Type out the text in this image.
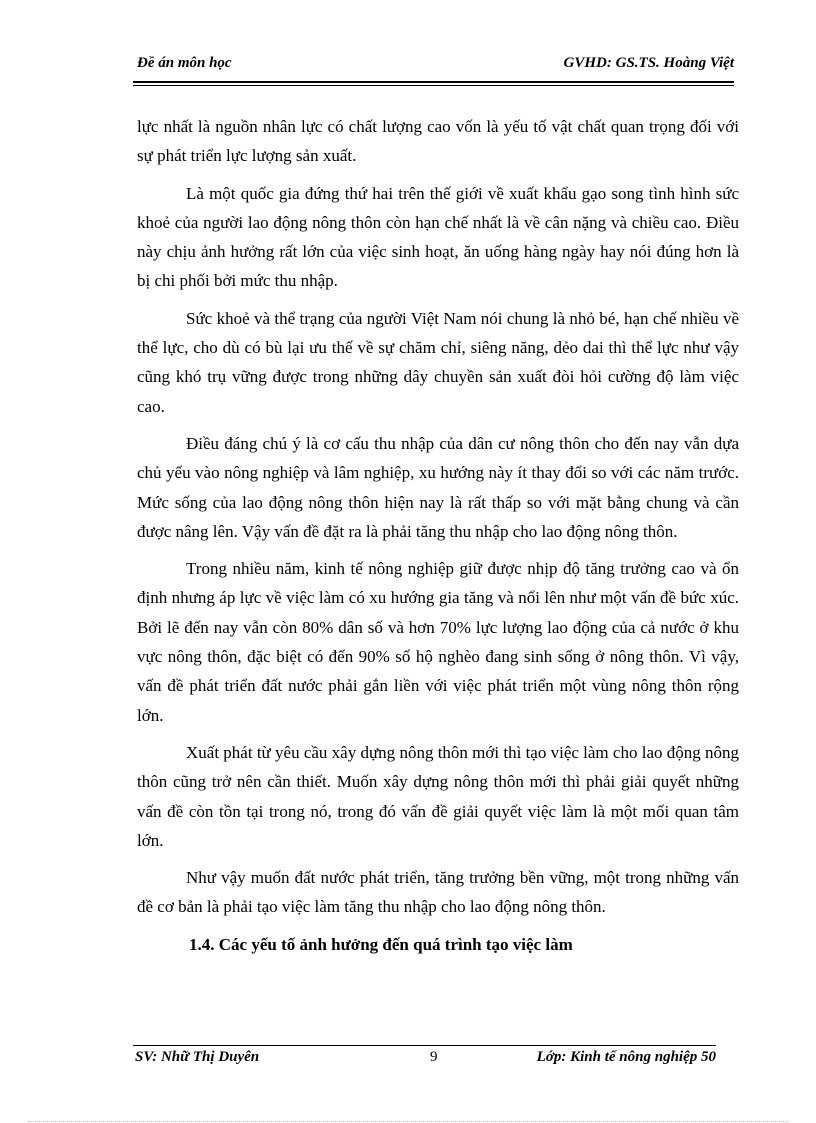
Đề án môn học	GVHD: GS.TS. Hoàng Việt

lực nhất là nguồn nhân lực có chất lượng cao vốn là yếu tố vật chất quan trọng đối với sự phát triển lực lượng sản xuất.

Là một quốc gia đứng thứ hai trên thế giới về xuất khẩu gạo song tình hình sức khoẻ của người lao động nông thôn còn hạn chế nhất là về cân nặng và chiều cao. Điều này chịu ảnh hưởng rất lớn của việc sinh hoạt, ăn uống hàng ngày hay nói đúng hơn là bị chi phối bởi mức thu nhập.

Sức khoẻ và thể trạng của người Việt Nam nói chung là nhỏ bé, hạn chế nhiều về thể lực, cho dù có bù lại ưu thế về sự chăm chỉ, siêng năng, dẻo dai thì thể lực như vậy cũng khó trụ vững được trong những dây chuyền sản xuất đòi hỏi cường độ làm việc cao.

Điều đáng chú ý là cơ cấu thu nhập của dân cư nông thôn cho đến nay vẫn dựa chủ yếu vào nông nghiệp và lâm nghiệp, xu hướng này ít thay đổi so với các năm trước. Mức sống của lao động nông thôn hiện nay là rất thấp so với mặt bằng chung và cần được nâng lên. Vậy vấn đề đặt ra là phải tăng thu nhập cho lao động nông thôn.

Trong nhiều năm, kinh tế nông nghiệp giữ được nhịp độ tăng trưởng cao và ổn định nhưng áp lực về việc làm có xu hướng gia tăng và nổi lên như một vấn đề bức xúc. Bởi lẽ đến nay vẫn còn 80% dân số và hơn 70% lực lượng lao động của cả nước ở khu vực nông thôn, đặc biệt có đến 90% số hộ nghèo đang sinh sống ở nông thôn. Vì vậy, vấn đề phát triển đất nước phải gắn liền với việc phát triển một vùng nông thôn rộng lớn.

Xuất phát từ yêu cầu xây dựng nông thôn mới thì tạo việc làm cho lao động nông thôn cũng trở nên cần thiết. Muốn xây dựng nông thôn mới thì phải giải quyết những vấn đề còn tồn tại trong nó, trong đó vấn đề giải quyết việc làm là một mối quan tâm lớn.

Như vậy muốn đất nước phát triển, tăng trưởng bền vững, một trong những vấn đề cơ bản là phải tạo việc làm tăng thu nhập cho lao động nông thôn.

1.4. Các yếu tố ảnh hưởng đến quá trình tạo việc làm
SV: Nhữ Thị Duyên	9	Lớp: Kinh tế nông nghiệp 50
